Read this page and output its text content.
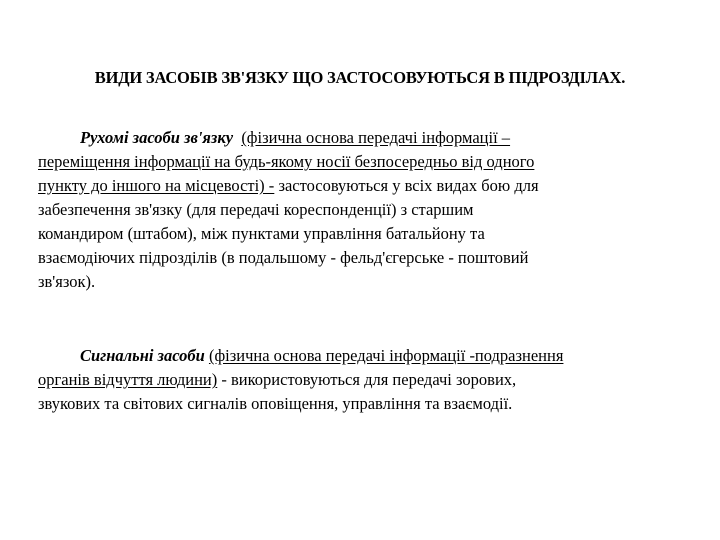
ВИДИ ЗАСОБІВ ЗВ'ЯЗКУ ЩО ЗАСТОСОВУЮТЬСЯ В ПІДРОЗДІЛАХ.
Рухомі засоби зв'язку (фізична основа передачі інформації –
переміщення інформації на будь-якому носії безпосередньо від одного
пункту до іншого на місцевості) - застосовуються у всіх видах бою для
забезпечення зв'язку (для передачі кореспонденції) з старшим
командиром (штабом), між пунктами управління батальйону та
взаємодіючих підрозділів (в подальшому - фельд'єгерське - поштовий
зв'язок).
Сигнальні засоби (фізична основа передачі інформації -подразнення
органів відчуття людини) - використовуються для передачі зорових,
звукових та світових сигналів оповіщення, управління та взаємодії.
